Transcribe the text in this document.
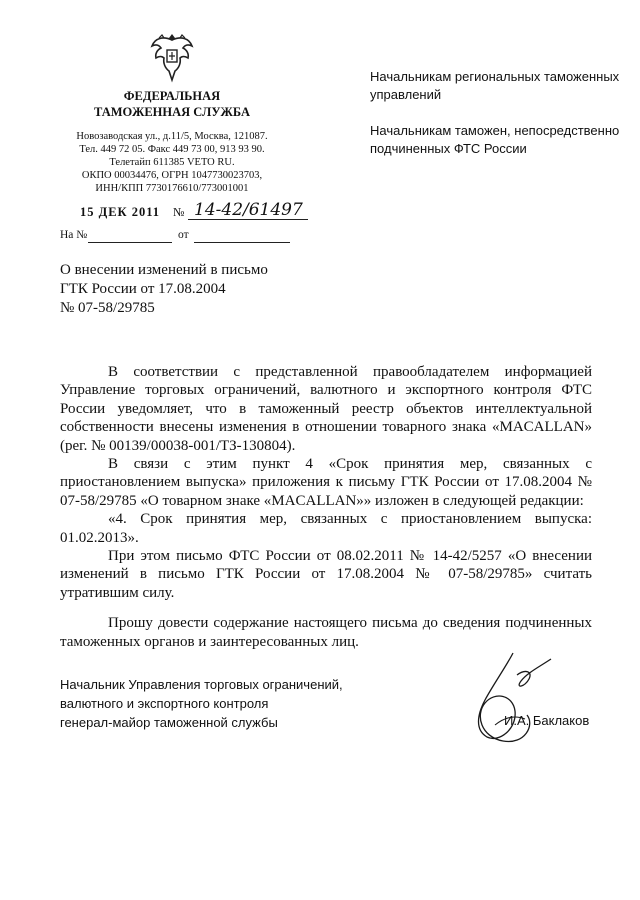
ФЕДЕРАЛЬНАЯ
ТАМОЖЕННАЯ СЛУЖБА
Новозаводская ул., д.11/5, Москва, 121087.
Тел. 449 72 05. Факс 449 73 00, 913 93 90.
Телетайп 611385 VETO RU.
ОКПО 00034476, ОГРН 1047730023703,
ИНН/КПП 7730176610/773001001
15 ДЕК 2011 № 14-42/61497
На №	от

Начальникам региональных таможенных управлений

Начальникам таможен, непосредственно подчиненных ФТС России

О внесении изменений в письмо
ГТК России от 17.08.2004
№ 07-58/29785

В соответствии с представленной правообладателем информацией Управление торговых ограничений, валютного и экспортного контроля ФТС России уведомляет, что в таможенный реестр объектов интеллектуальной собственности внесены изменения в отношении товарного знака «MACALLAN» (рег. № 00139/00038-001/ТЗ-130804).

В связи с этим пункт 4 «Срок принятия мер, связанных с приостановлением выпуска» приложения к письму ГТК России от 17.08.2004 № 07-58/29785 «О товарном знаке «MACALLAN»» изложен в следующей редакции:

«4. Срок принятия мер, связанных с приостановлением выпуска: 01.02.2013».

При этом письмо ФТС России от 08.02.2011 № 14-42/5257 «О внесении изменений в письмо ГТК России от 17.08.2004 № 07-58/29785» считать утратившим силу.

Прошу довести содержание настоящего письма до сведения подчиненных таможенных органов и заинтересованных лиц.

Начальник Управления торговых ограничений,
валютного и экспортного контроля
генерал-майор таможенной службы	И.А. Баклаков
